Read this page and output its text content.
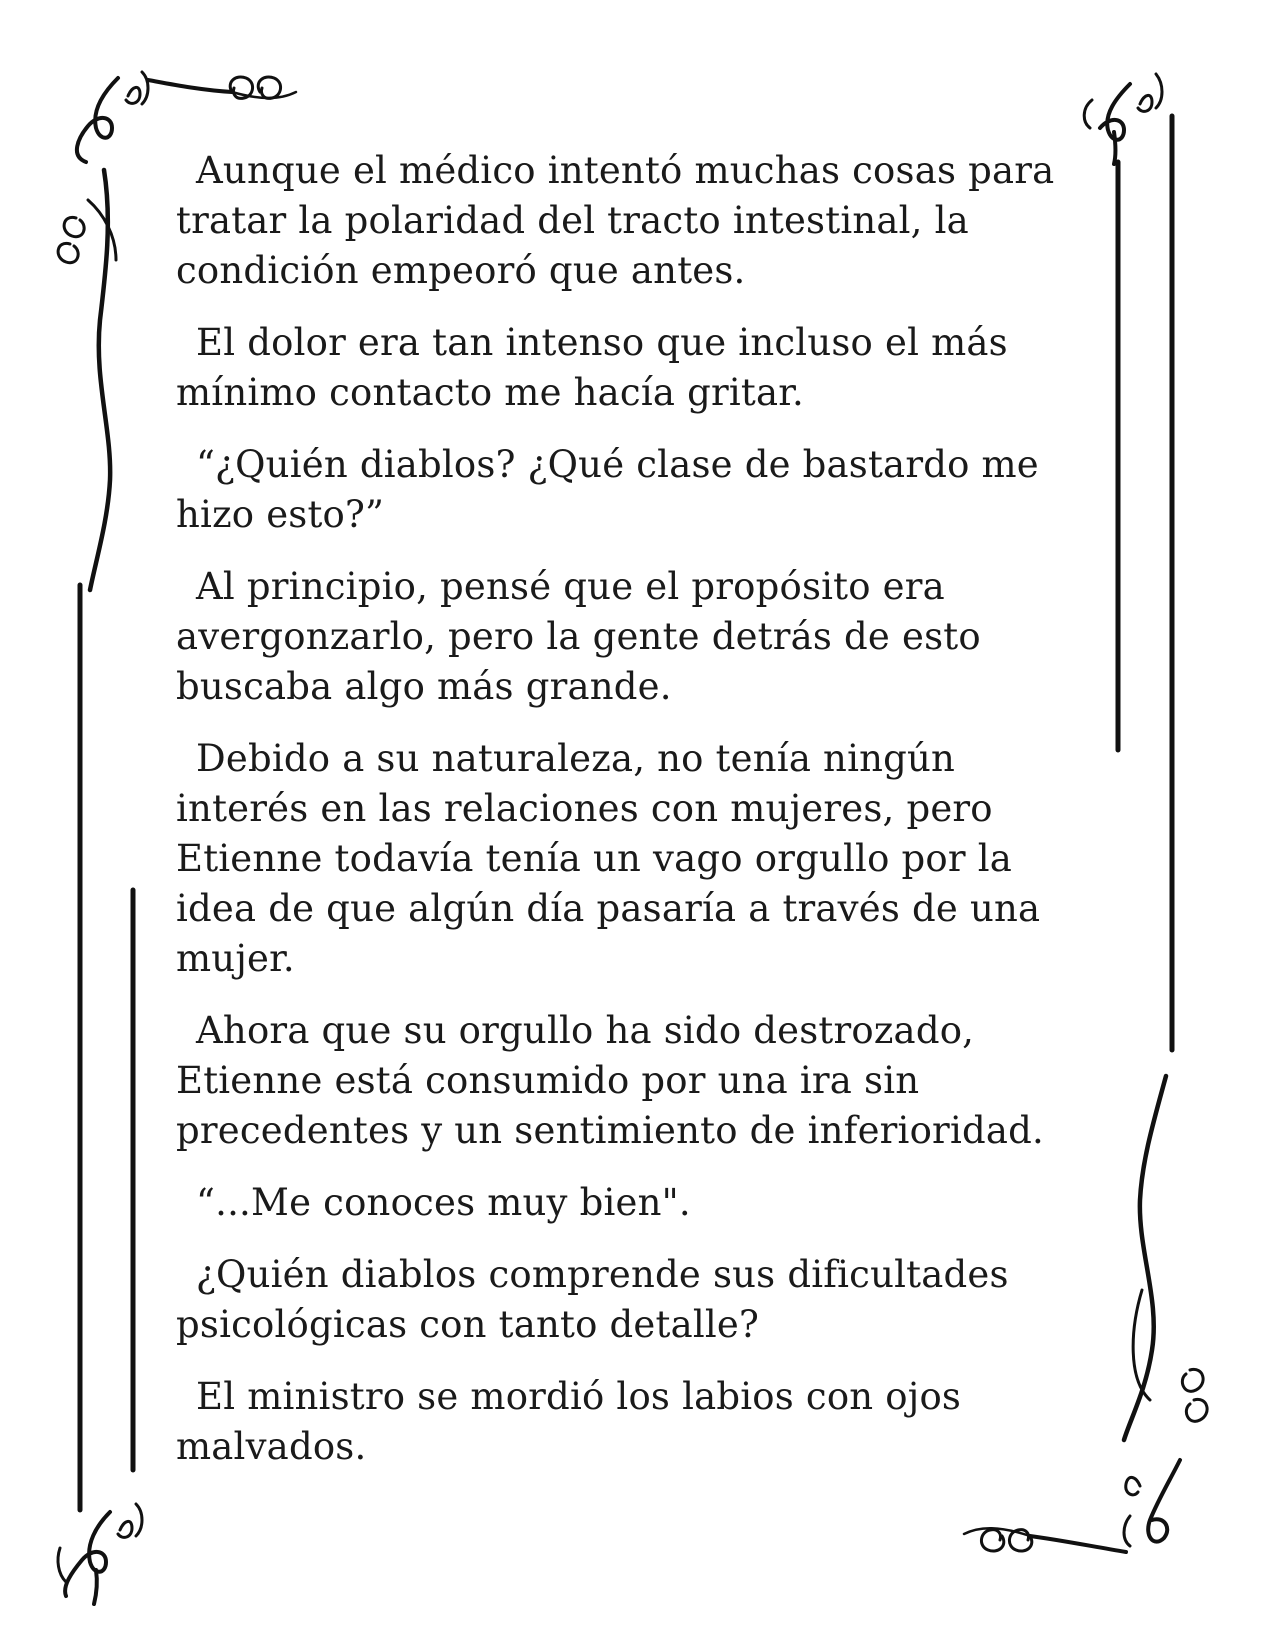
Aunque el médico intentó muchas cosas para tratar la polaridad del tracto intestinal, la condición empeoró que antes.

El dolor era tan intenso que incluso el más mínimo contacto me hacía gritar.

“¿Quién diablos? ¿Qué clase de bastardo me hizo esto?”

Al principio, pensé que el propósito era avergonzarlo, pero la gente detrás de esto buscaba algo más grande.

Debido a su naturaleza, no tenía ningún interés en las relaciones con mujeres, pero Etienne todavía tenía un vago orgullo por la idea de que algún día pasaría a través de una mujer.

Ahora que su orgullo ha sido destrozado, Etienne está consumido por una ira sin precedentes y un sentimiento de inferioridad.

“...Me conoces muy bien".

¿Quién diablos comprende sus dificultades psicológicas con tanto detalle?

El ministro se mordió los labios con ojos malvados.
